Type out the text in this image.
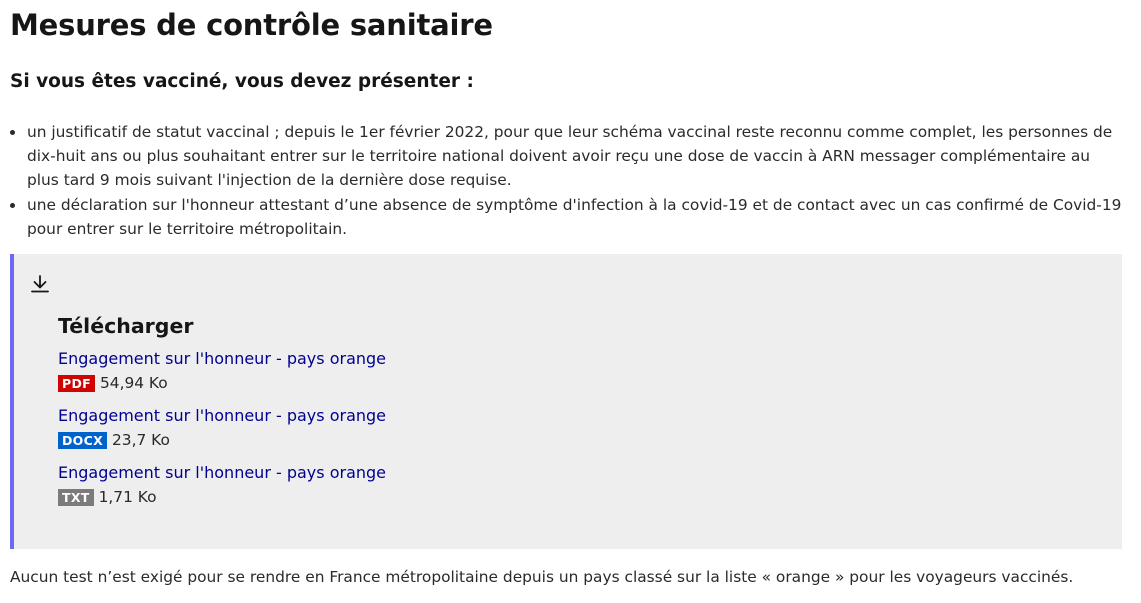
Mesures de contrôle sanitaire
Si vous êtes vacciné, vous devez présenter :
un justificatif de statut vaccinal ; depuis le 1er février 2022, pour que leur schéma vaccinal reste reconnu comme complet, les personnes de dix-huit ans ou plus souhaitant entrer sur le territoire national doivent avoir reçu une dose de vaccin à ARN messager complémentaire au plus tard 9 mois suivant l'injection de la dernière dose requise.
une déclaration sur l'honneur attestant d’une absence de symptôme d'infection à la covid-19 et de contact avec un cas confirmé de Covid-19 pour entrer sur le territoire métropolitain.
Télécharger
Engagement sur l'honneur - pays orange
PDF 54,94 Ko
Engagement sur l'honneur - pays orange
DOCX 23,7 Ko
Engagement sur l'honneur - pays orange
TXT 1,71 Ko
Aucun test n’est exigé pour se rendre en France métropolitaine depuis un pays classé sur la liste « orange » pour les voyageurs vaccinés.
